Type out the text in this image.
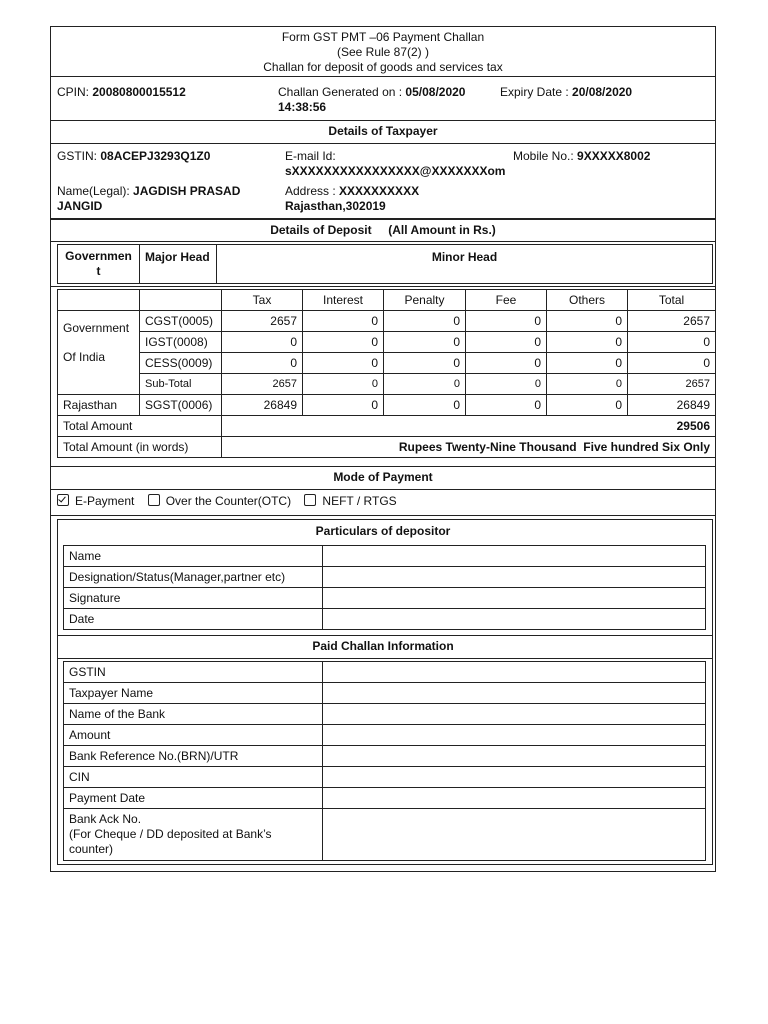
Form GST PMT –06 Payment Challan
(See Rule 87(2) )
Challan for deposit of goods and services tax
CPIN: 20080800015512	Challan Generated on : 05/08/2020
14:38:56
Expiry Date : 20/08/2020
Details of Taxpayer
GSTIN: 08ACEPJ3293Q1Z0	E-mail Id:
sXXXXXXXXXXXXXXXX@XXXXXXXom
Mobile No.: 9XXXXX8002
Name(Legal): JAGDISH PRASAD
JANGID
Address : XXXXXXXXXX
Rajasthan,302019
Details of Deposit     (All Amount in Rs.)
Governmen
t
	Major Head	Minor Head
		Tax	Interest	Penalty	Fee	Others	Total

Government
Of India	CGST(0005)	2657	0	0	0	0	2657
	IGST(0008)	0	0	0	0	0	0
	CESS(0009)	0	0	0	0	0	0
	Sub-Total	2657	0	0	0	0	2657
Rajasthan	SGST(0006)	26849	0	0	0	0	26849
Total Amount		29506					
Total Amount (in words)		Rupees Twenty-Nine Thousand  Five hundred Six Only					
Mode of Payment
E-Payment	Over the Counter(OTC)	NEFT / RTGS
Particulars of depositor
Name	
Designation/Status(Manager,partner etc)	
Signature	
Date	
Paid Challan Information
GSTIN	
Taxpayer Name	
Name of the Bank	
Amount	
Bank Reference No.(BRN)/UTR	
CIN	
Payment Date	

Bank Ack No.
(For Cheque / DD deposited at Bank’s
counter)	
